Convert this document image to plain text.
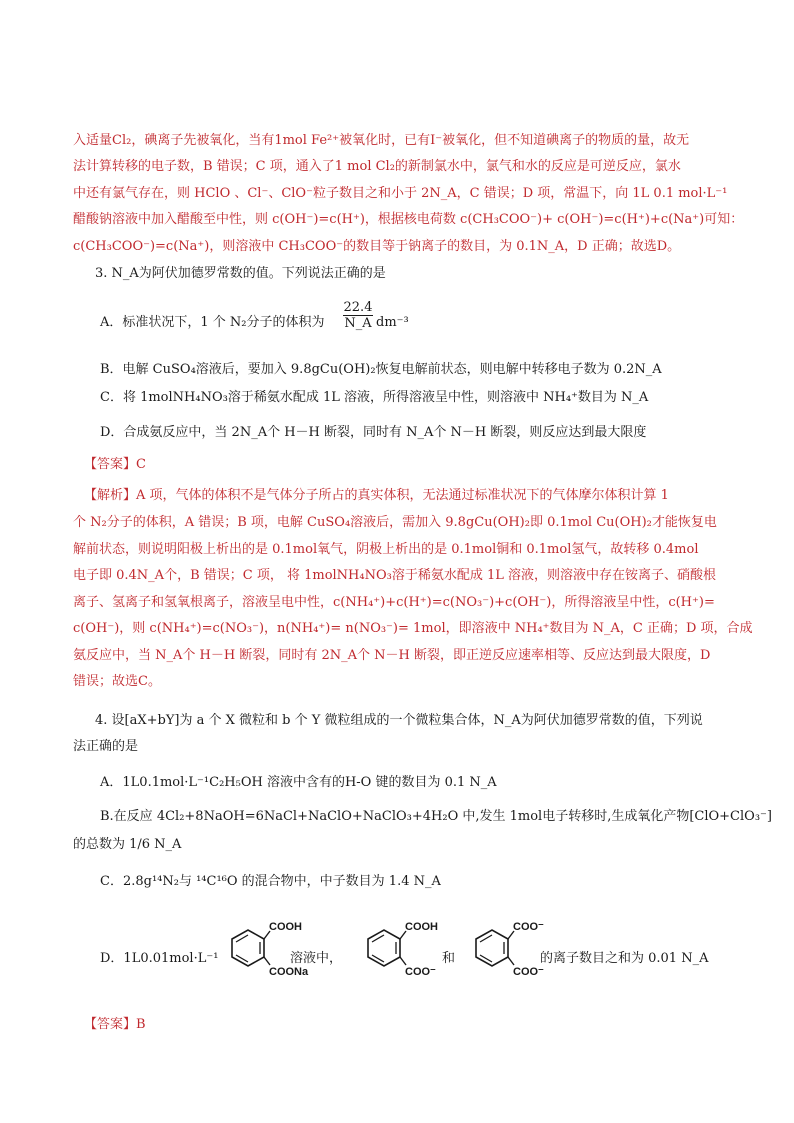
入适量Cl₂，碘离子先被氧化，当有1mol Fe²⁺被氧化时，已有I⁻被氧化，但不知道碘离子的物质的量，故无
法计算转移的电子数，B 错误；C 项，通入了1 mol Cl₂的新制氯水中，氯气和水的反应是可逆反应，氯水
中还有氯气存在，则 HClO 、Cl⁻、ClO⁻粒子数目之和小于 2N_A，C 错误；D 项，常温下，向 1L 0.1 mol·L⁻¹
醋酸钠溶液中加入醋酸至中性，则 c(OH⁻)=c(H⁺)，根据核电荷数 c(CH₃COO⁻)+ c(OH⁻)=c(H⁺)+c(Na⁺)可知：
c(CH₃COO⁻)=c(Na⁺)，则溶液中 CH₃COO⁻的数目等于钠离子的数目，为 0.1N_A，D 正确；故选D。
3. N_A为阿伏加德罗常数的值。下列说法正确的是
A．标准状况下，1 个 N₂分子的体积为 $\frac{22.4}{N\_A} dm^{-3}$
B．电解 CuSO₄溶液后，要加入 9.8gCu(OH)₂恢复电解前状态，则电解中转移电子数为 0.2N_A
C．将 1molNH₄NO₃溶于稀氨水配成 1L 溶液，所得溶液呈中性，则溶液中 NH₄⁺数目为 N_A
D．合成氨反应中，当 2N_A个 H－H 断裂，同时有 N_A个 N－H 断裂，则反应达到最大限度
【答案】C
【解析】A 项，气体的体积不是气体分子所占的真实体积，无法通过标准状况下的气体摩尔体积计算 1
个 N₂分子的体积，A 错误；B 项，电解 CuSO₄溶液后，需加入 9.8gCu(OH)₂即 0.1mol Cu(OH)₂才能恢复电
解前状态，则说明阳极上析出的是 0.1mol氧气，阴极上析出的是 0.1mol铜和 0.1mol氢气，故转移 0.4mol
电子即 0.4N_A个，B 错误；C 项， 将 1molNH₄NO₃溶于稀氨水配成 1L 溶液，则溶液中存在铵离子、硝酸根
离子、氢离子和氢氧根离子，溶液呈电中性，c(NH₄⁺)+c(H⁺)=c(NO₃⁻)+c(OH⁻)，所得溶液呈中性，c(H⁺)=
c(OH⁻)，则 c(NH₄⁺)=c(NO₃⁻)，n(NH₄⁺)= n(NO₃⁻)= 1mol，即溶液中 NH₄⁺数目为 N_A，C 正确；D 项，合成
氨反应中，当 N_A个 H－H 断裂，同时有 2N_A个 N－H 断裂，即正逆反应速率相等、反应达到最大限度，D
错误；故选C。
4. 设[aX+bY]为 a 个 X 微粒和 b 个 Y 微粒组成的一个微粒集合体，N_A为阿伏加德罗常数的值，下列说
法正确的是
A．1L0.1mol·L⁻¹C₂H₅OH 溶液中含有的H-O 键的数目为 0.1 N_A
B.在反应 4Cl₂+8NaOH=6NaCl+NaClO+NaClO₃+4H₂O 中,发生 1mol电子转移时,生成氧化产物[ClO+ClO₃⁻]
的总数为 1/6 N_A
C．2.8g¹⁴N₂与 ¹⁴C¹⁶O 的混合物中，中子数目为 1.4 N_A
D．1L0.01mol·L⁻¹
COOH
COONa
溶液中，
COOH
COO⁻
和
COO⁻
COO⁻
的离子数目之和为 0.01 N_A
【答案】B
